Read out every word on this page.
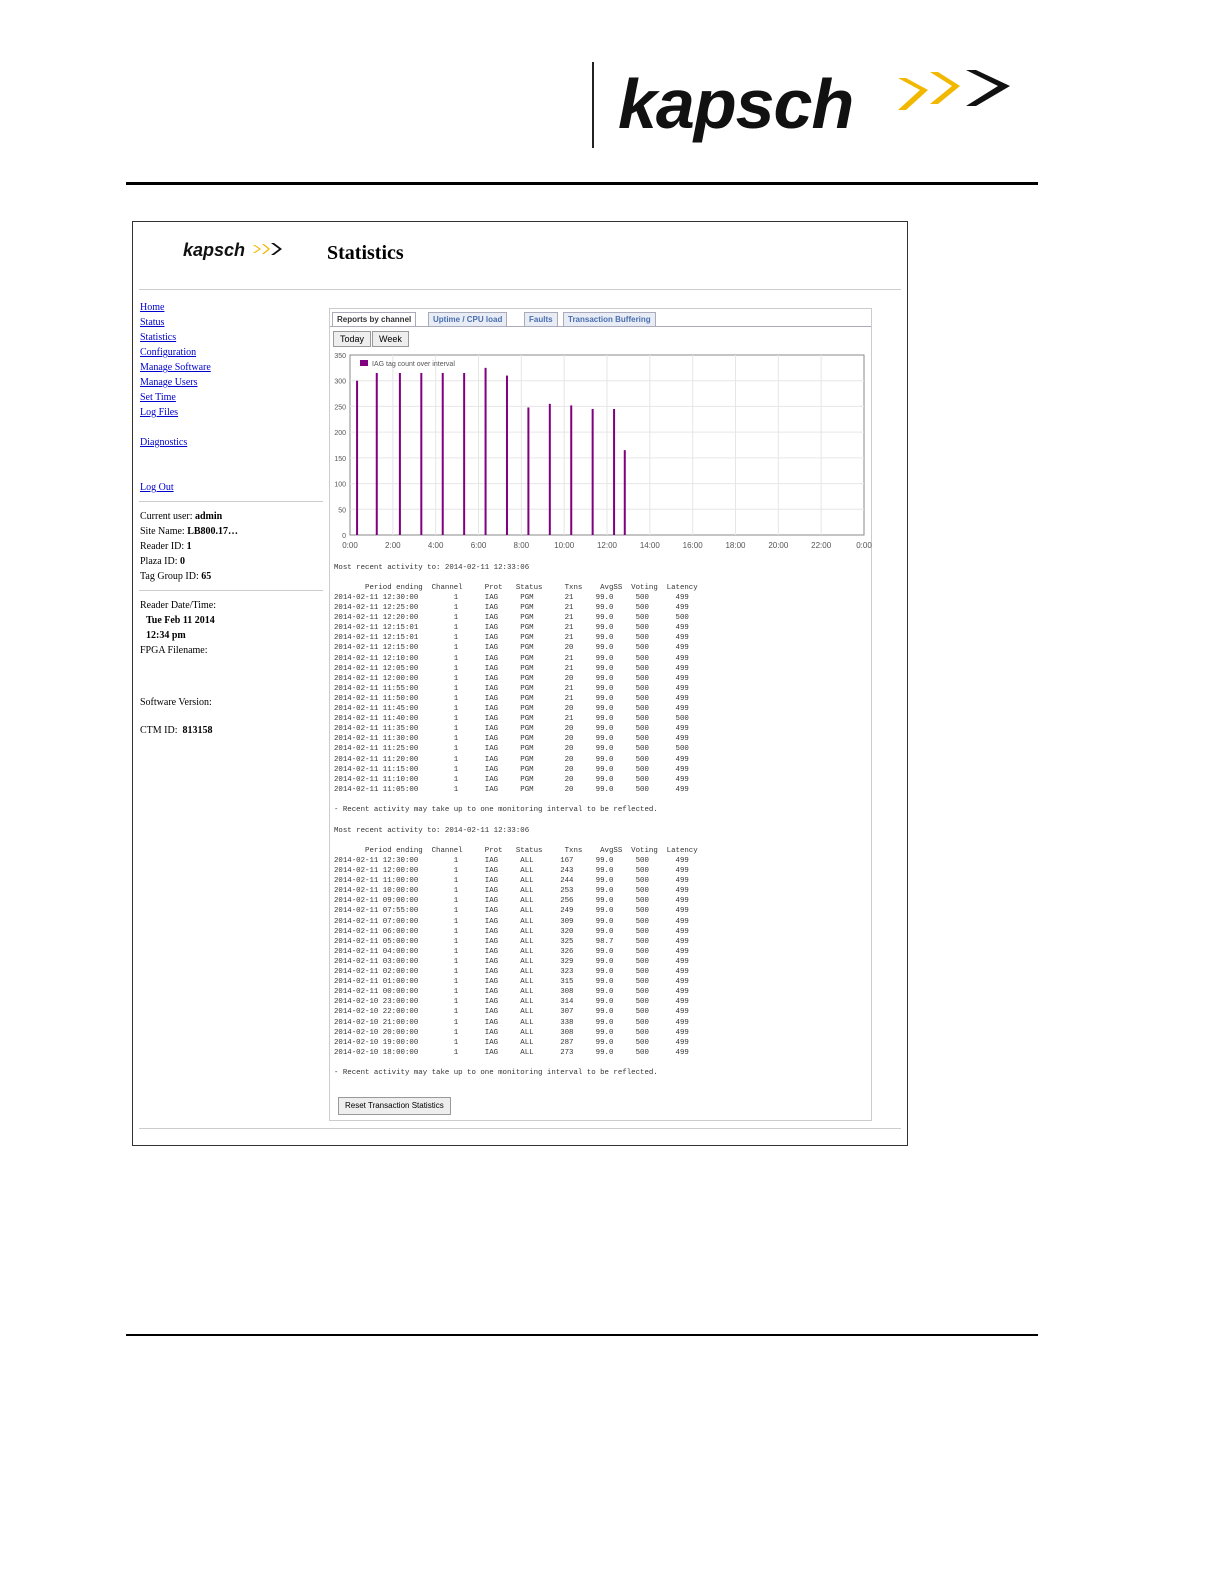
kapsch
kapsch	Statistics
Home
Status
Statistics
Configuration
Manage Software
Manage Users
Set Time
Log Files
Diagnostics
Log Out
Current user: admin
Site Name: LB800.17…
Reader ID: 1
Plaza ID: 0
Tag Group ID: 65
Reader Date/Time:
Tue Feb 11 2014
12:34 pm
FPGA Filename:
Software Version:
CTM ID: 813158
Reports by channel	Uptime / CPU load	Faults	Transaction Buffering
Today	Week
0:00	2:00	4:00	6:00	8:00	10:00	12:00	14:00	16:00	18:00	20:00	22:00	0:00
0
50
100
150
200
250
300
350
IAG tag count over interval
Most recent activity to: 2014-02-11 12:33:06
Period ending  Channel     Prot   Status     Txns    AvgSS  Voting  Latency
2014-02-11 12:30:00        1      IAG     PGM       21     99.0     500      499
2014-02-11 12:25:00        1      IAG     PGM       21     99.0     500      499
2014-02-11 12:20:00        1      IAG     PGM       21     99.0     500      500
2014-02-11 12:15:01        1      IAG     PGM       21     99.0     500      499
2014-02-11 12:15:01        1      IAG     PGM       21     99.0     500      499
2014-02-11 12:15:00        1      IAG     PGM       20     99.0     500      499
2014-02-11 12:10:00        1      IAG     PGM       21     99.0     500      499
2014-02-11 12:05:00        1      IAG     PGM       21     99.0     500      499
2014-02-11 12:00:00        1      IAG     PGM       20     99.0     500      499
2014-02-11 11:55:00        1      IAG     PGM       21     99.0     500      499
2014-02-11 11:50:00        1      IAG     PGM       21     99.0     500      499
2014-02-11 11:45:00        1      IAG     PGM       20     99.0     500      499
2014-02-11 11:40:00        1      IAG     PGM       21     99.0     500      500
2014-02-11 11:35:00        1      IAG     PGM       20     99.0     500      499
2014-02-11 11:30:00        1      IAG     PGM       20     99.0     500      499
2014-02-11 11:25:00        1      IAG     PGM       20     99.0     500      500
2014-02-11 11:20:00        1      IAG     PGM       20     99.0     500      499
2014-02-11 11:15:00        1      IAG     PGM       20     99.0     500      499
2014-02-11 11:10:00        1      IAG     PGM       20     99.0     500      499
2014-02-11 11:05:00        1      IAG     PGM       20     99.0     500      499
- Recent activity may take up to one monitoring interval to be reflected.
Most recent activity to: 2014-02-11 12:33:06
Period ending  Channel     Prot   Status     Txns    AvgSS  Voting  Latency
2014-02-11 12:30:00        1      IAG     ALL      167     99.0     500      499
2014-02-11 12:00:00        1      IAG     ALL      243     99.0     500      499
2014-02-11 11:00:00        1      IAG     ALL      244     99.0     500      499
2014-02-11 10:00:00        1      IAG     ALL      253     99.0     500      499
2014-02-11 09:00:00        1      IAG     ALL      256     99.0     500      499
2014-02-11 07:55:00        1      IAG     ALL      249     99.0     500      499
2014-02-11 07:00:00        1      IAG     ALL      309     99.0     500      499
2014-02-11 06:00:00        1      IAG     ALL      320     99.0     500      499
2014-02-11 05:00:00        1      IAG     ALL      325     98.7     500      499
2014-02-11 04:00:00        1      IAG     ALL      326     99.0     500      499
2014-02-11 03:00:00        1      IAG     ALL      329     99.0     500      499
2014-02-11 02:00:00        1      IAG     ALL      323     99.0     500      499
2014-02-11 01:00:00        1      IAG     ALL      315     99.0     500      499
2014-02-11 00:00:00        1      IAG     ALL      308     99.0     500      499
2014-02-10 23:00:00        1      IAG     ALL      314     99.0     500      499
2014-02-10 22:00:00        1      IAG     ALL      307     99.0     500      499
2014-02-10 21:00:00        1      IAG     ALL      338     99.0     500      499
2014-02-10 20:00:00        1      IAG     ALL      308     99.0     500      499
2014-02-10 19:00:00        1      IAG     ALL      287     99.0     500      499
2014-02-10 18:00:00        1      IAG     ALL      273     99.0     500      499
- Recent activity may take up to one monitoring interval to be reflected.
Reset Transaction Statistics
